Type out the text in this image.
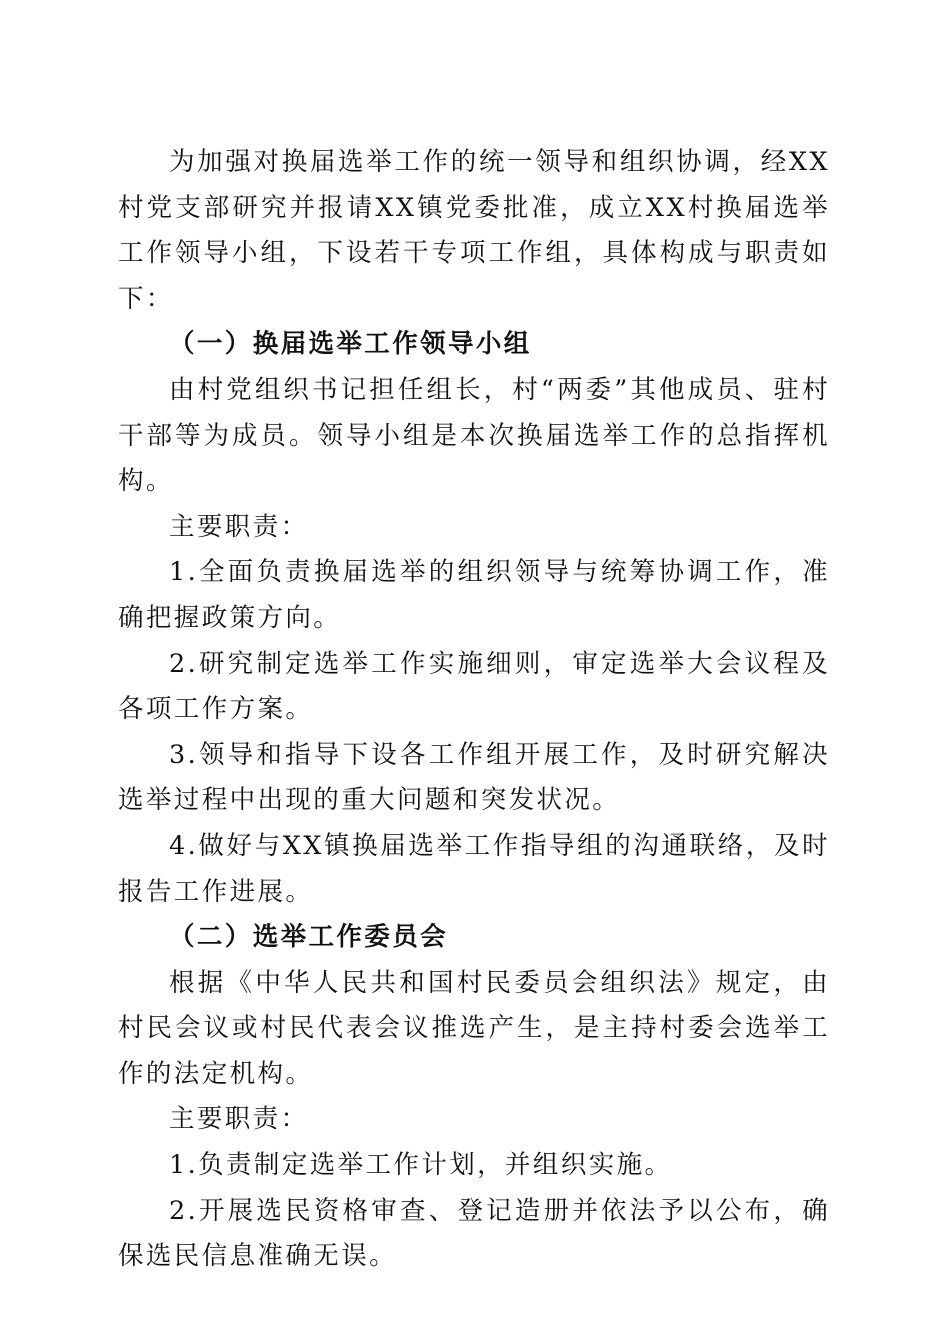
为加强对换届选举工作的统一领导和组织协调，经XX村党支部研究并报请XX镇党委批准，成立XX村换届选举工作领导小组，下设若干专项工作组，具体构成与职责如下：

（一）换届选举工作领导小组

由村党组织书记担任组长，村“两委”其他成员、驻村干部等为成员。领导小组是本次换届选举工作的总指挥机构。

主要职责：

1.全面负责换届选举的组织领导与统筹协调工作，准确把握政策方向。

2.研究制定选举工作实施细则，审定选举大会议程及各项工作方案。

3.领导和指导下设各工作组开展工作，及时研究解决选举过程中出现的重大问题和突发状况。

4.做好与XX镇换届选举工作指导组的沟通联络，及时报告工作进展。

（二）选举工作委员会

根据《中华人民共和国村民委员会组织法》规定，由村民会议或村民代表会议推选产生，是主持村委会选举工作的法定机构。

主要职责：

1.负责制定选举工作计划，并组织实施。

2.开展选民资格审查、登记造册并依法予以公布，确保选民信息准确无误。
